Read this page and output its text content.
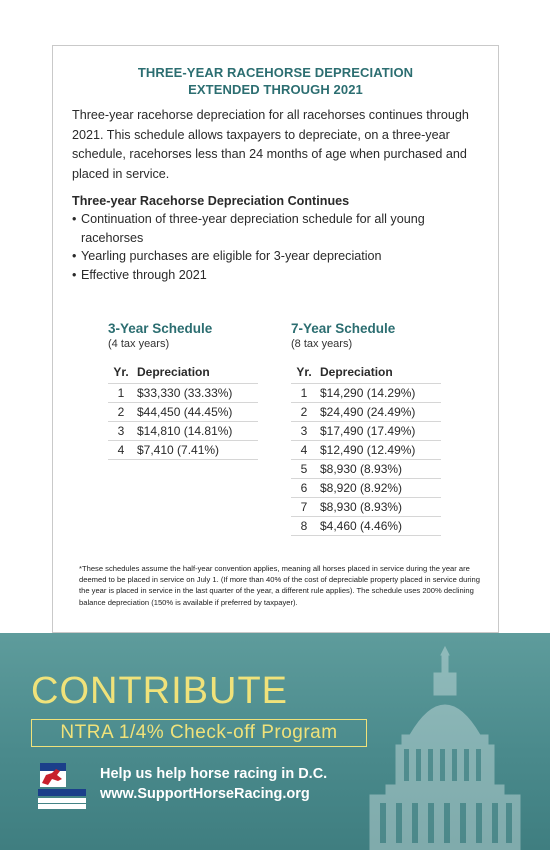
THREE-YEAR RACEHORSE DEPRECIATION
EXTENDED THROUGH 2021
Three-year racehorse depreciation for all racehorses continues through 2021. This schedule allows taxpayers to depreciate, on a three-year schedule, racehorses less than 24 months of age when purchased and placed in service.
Three-year Racehorse Depreciation Continues
• Continuation of three-year depreciation schedule for all young racehorses
• Yearling purchases are eligible for 3-year depreciation
• Effective through 2021
3-Year Schedule
(4 tax years)
Yr.	Depreciation
1	$33,330 (33.33%)
2	$44,450 (44.45%)
3	$14,810 (14.81%)
4	$7,410 (7.41%)
7-Year Schedule
(8 tax years)
Yr.	Depreciation
1	$14,290 (14.29%)
2	$24,490 (24.49%)
3	$17,490 (17.49%)
4	$12,490 (12.49%)
5	$8,930 (8.93%)
6	$8,920 (8.92%)
7	$8,930 (8.93%)
8	$4,460 (4.46%)
*These schedules assume the half-year convention applies, meaning all horses placed in service during the year are deemed to be placed in service on July 1. (If more than 40% of the cost of depreciable property placed in service during the year is placed in service in the last quarter of the year, a different rule applies). The schedule uses 200% declining balance depreciation (150% is available if preferred by taxpayer).
CONTRIBUTE
NTRA 1/4% Check-off Program
Help us help horse racing in D.C.
www.SupportHorseRacing.org
